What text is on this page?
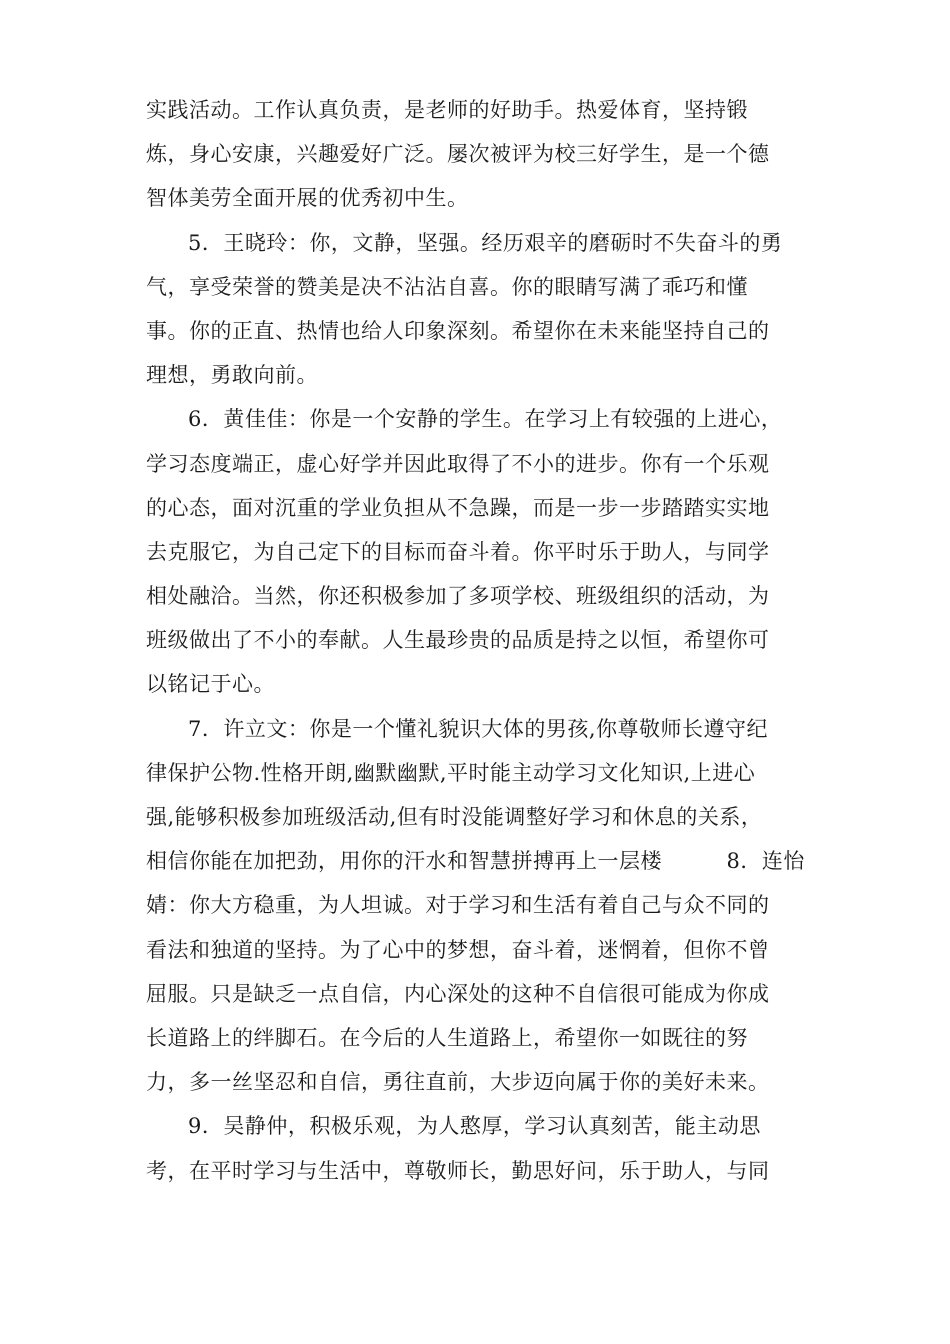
实践活动。工作认真负责，是老师的好助手。热爱体育，坚持锻
炼，身心安康，兴趣爱好广泛。屡次被评为校三好学生，是一个德
智体美劳全面开展的优秀初中生。
5．王晓玲：你，文静，坚强。经历艰辛的磨砺时不失奋斗的勇
气，享受荣誉的赞美是决不沾沾自喜。你的眼睛写满了乖巧和懂
事。你的正直、热情也给人印象深刻。希望你在未来能坚持自己的
理想，勇敢向前。
6．黄佳佳：你是一个安静的学生。在学习上有较强的上进心，
学习态度端正，虚心好学并因此取得了不小的进步。你有一个乐观
的心态，面对沉重的学业负担从不急躁，而是一步一步踏踏实实地
去克服它，为自己定下的目标而奋斗着。你平时乐于助人，与同学
相处融洽。当然，你还积极参加了多项学校、班级组织的活动，为
班级做出了不小的奉献。人生最珍贵的品质是持之以恒，希望你可
以铭记于心。
7．许立文：你是一个懂礼貌识大体的男孩,你尊敬师长遵守纪
律保护公物.性格开朗,幽默幽默,平时能主动学习文化知识,上进心
强,能够积极参加班级活动,但有时没能调整好学习和休息的关系，
相信你能在加把劲，用你的汗水和智慧拼搏再上一层楼　　　8．连怡
婧：你大方稳重，为人坦诚。对于学习和生活有着自己与众不同的
看法和独道的坚持。为了心中的梦想，奋斗着，迷惘着，但你不曾
屈服。只是缺乏一点自信，内心深处的这种不自信很可能成为你成
长道路上的绊脚石。在今后的人生道路上，希望你一如既往的努
力，多一丝坚忍和自信，勇往直前，大步迈向属于你的美好未来。
9．吴静仲，积极乐观，为人憨厚，学习认真刻苦，能主动思
考，在平时学习与生活中，尊敬师长，勤思好问，乐于助人，与同
